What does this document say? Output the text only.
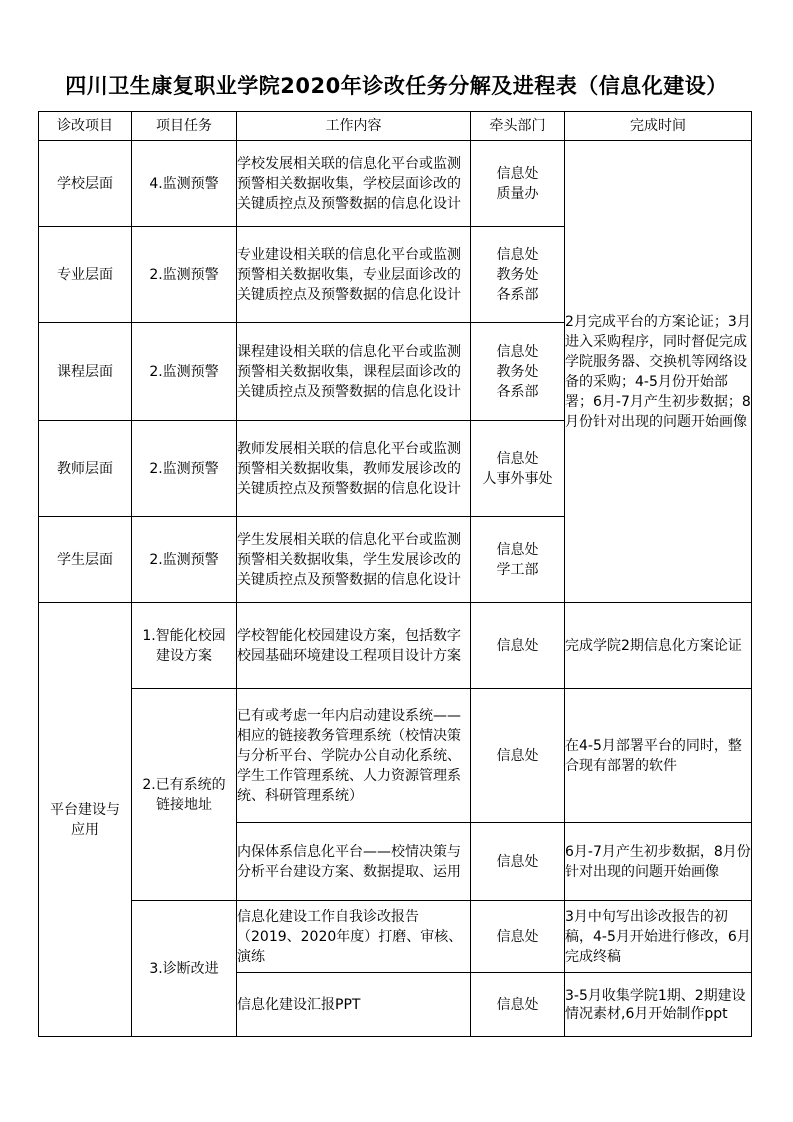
四川卫生康复职业学院2020年诊改任务分解及进程表（信息化建设）
诊改项目	项目任务	工作内容	牵头部门	完成时间
学校层面	4.监测预警	学校发展相关联的信息化平台或监测预警相关数据收集，学校层面诊改的关键质控点及预警数据的信息化设计	信息处
质量办	2月完成平台的方案论证；3月进入采购程序，同时督促完成学院服务器、交换机等网络设备的采购；4-5月份开始部署；6月-7月产生初步数据；8月份针对出现的问题开始画像
专业层面	2.监测预警	专业建设相关联的信息化平台或监测预警相关数据收集，专业层面诊改的关键质控点及预警数据的信息化设计	信息处
教务处
各系部	

课程层面	2.监测预警	课程建设相关联的信息化平台或监测预警相关数据收集，课程层面诊改的关键质控点及预警数据的信息化设计	信息处
教务处
各系部	

教师层面	2.监测预警	教师发展相关联的信息化平台或监测预警相关数据收集，教师发展诊改的关键质控点及预警数据的信息化设计	信息处
人事外事处	

学生层面	2.监测预警	学生发展相关联的信息化平台或监测预警相关数据收集，学生发展诊改的关键质控点及预警数据的信息化设计	信息处
学工部	

平台建设与应用	1.智能化校园建设方案	学校智能化校园建设方案，包括数字校园基础环境建设工程项目设计方案	信息处	完成学院2期信息化方案论证
	2.已有系统的链接地址	已有或考虑一年内启动建设系统——相应的链接教务管理系统（校情决策与分析平台、学院办公自动化系统、学生工作管理系统、人力资源管理系统、科研管理系统）	信息处	在4-5月部署平台的同时，整合现有部署的软件
		内保体系信息化平台——校情决策与分析平台建设方案、数据提取、运用	信息处	6月-7月产生初步数据，8月份针对出现的问题开始画像
	3.诊断改进	信息化建设工作自我诊改报告（2019、2020年度）打磨、审核、演练	信息处	3月中旬写出诊改报告的初稿，4-5月开始进行修改，6月完成终稿
		信息化建设汇报PPT	信息处	3-5月收集学院1期、2期建设情况素材,6月开始制作ppt
